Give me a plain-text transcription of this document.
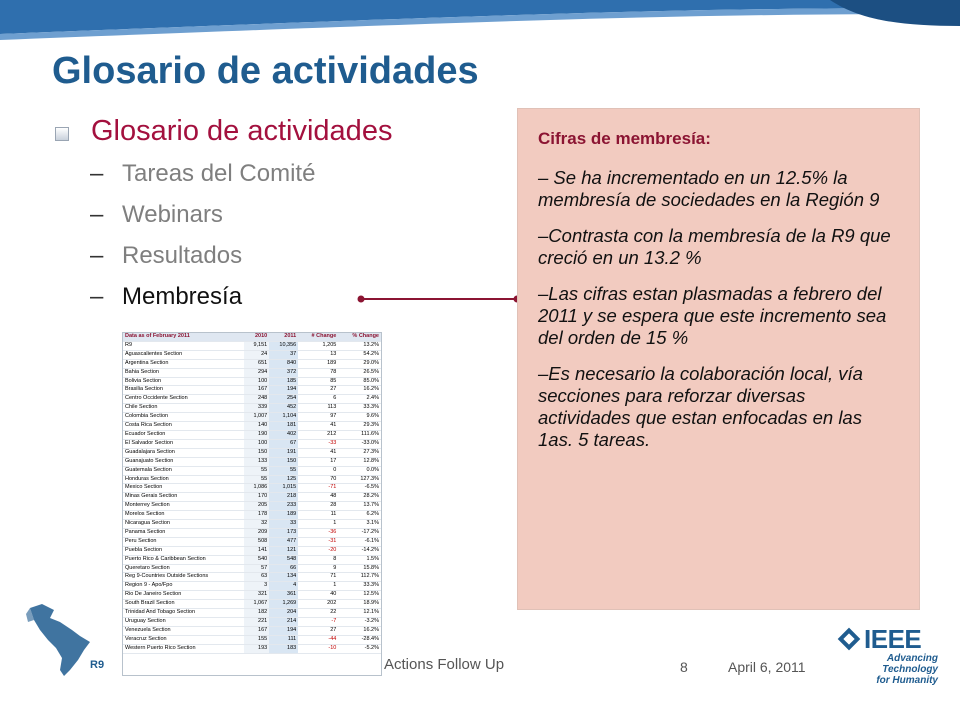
Glosario de actividades
Glosario de actividades
– Tareas del Comité
– Webinars
– Resultados
– Membresía
Cifras de membresía:

– Se ha incrementado en un 12.5% la membresía de sociedades en la Región 9

–Contrasta con la membresía de la R9 que creció en un 13.2 %

–Las cifras estan plasmadas a febrero del 2011 y se espera que este incremento sea del orden de 15 %

–Es necesario la colaboración local, vía secciones para reforzar diversas actividades que estan enfocadas en las 1as. 5 tareas.

R9
Data as of February 2011	2010	2011	# Change	% Change
R9	9,151	10,356	1,205	13.2%
Aguascalientes Section	24	37	13	54.2%
Argentina Section	651	840	189	29.0%
Bahia Section	294	372	78	26.5%
Bolivia Section	100	185	85	85.0%
Brasilia Section	167	194	27	16.2%
Centro Occidente Section	248	254	6	2.4%
Chile Section	339	452	113	33.3%
Colombia Section	1,007	1,104	97	9.6%
Costa Rica Section	140	181	41	29.3%
Ecuador Section	190	402	212	111.6%
El Salvador Section	100	67	-33	-33.0%
Guadalajara Section	150	191	41	27.3%
Guanajuato Section	133	150	17	12.8%
Guatemala Section	55	55	0	0.0%
Honduras Section	55	125	70	127.3%
Mexico Section	1,086	1,015	-71	-6.5%
Minas Gerais Section	170	218	48	28.2%
Monterrey Section	205	233	28	13.7%
Morelos Section	178	189	11	6.2%
Nicaragua Section	32	33	1	3.1%
Panama Section	209	173	-36	-17.2%
Peru Section	508	477	-31	-6.1%
Puebla Section	141	121	-20	-14.2%
Puerto Rico & Caribbean Section	540	548	8	1.5%
Queretaro Section	57	66	9	15.8%
Reg 9-Countries Outside Sections	63	134	71	112.7%
Region 9 - Apo/Fpo	3	4	1	33.3%
Rio De Janeiro Section	321	361	40	12.5%
South Brazil Section	1,067	1,269	202	18.9%
Trinidad And Tobago Section	182	204	22	12.1%
Uruguay Section	221	214	-7	-3.2%
Venezuela Section	167	194	27	16.2%
Veracruz Section	155	111	-44	-28.4%
Western Puerto Rico Section	193	183	-10	-5.2%
Actions Follow Up	8	April 6, 2011
IEEE
Advancing Technology
for Humanity
